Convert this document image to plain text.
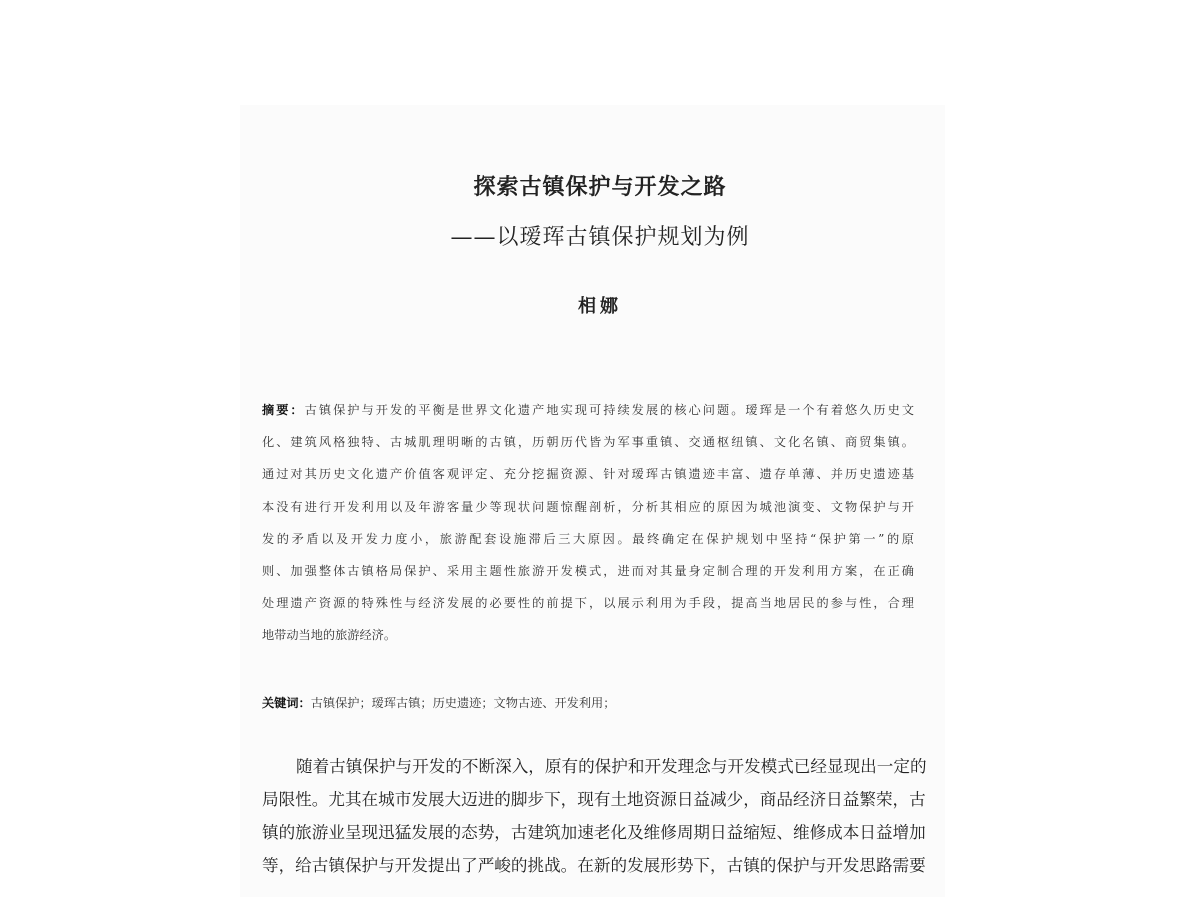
探索古镇保护与开发之路
——以瑷珲古镇保护规划为例
相娜
摘要：古镇保护与开发的平衡是世界文化遗产地实现可持续发展的核心问题。瑷珲是一个有着悠久历史文
化、建筑风格独特、古城肌理明晰的古镇，历朝历代皆为军事重镇、交通枢纽镇、文化名镇、商贸集镇。
通过对其历史文化遗产价值客观评定、充分挖掘资源、针对瑷珲古镇遗迹丰富、遗存单薄、并历史遗迹基
本没有进行开发利用以及年游客量少等现状问题惊醒剖析，分析其相应的原因为城池演变、文物保护与开
发的矛盾以及开发力度小，旅游配套设施滞后三大原因。最终确定在保护规划中坚持“保护第一”的原
则、加强整体古镇格局保护、采用主题性旅游开发模式，进而对其量身定制合理的开发利用方案，在正确
处理遗产资源的特殊性与经济发展的必要性的前提下，以展示利用为手段，提高当地居民的参与性，合理
地带动当地的旅游经济。
关键词：古镇保护；瑷珲古镇；历史遗迹；文物古迹、开发利用；
随着古镇保护与开发的不断深入，原有的保护和开发理念与开发模式已经显现出一定的
局限性。尤其在城市发展大迈进的脚步下，现有土地资源日益减少，商品经济日益繁荣，古
镇的旅游业呈现迅猛发展的态势，古建筑加速老化及维修周期日益缩短、维修成本日益增加
等，给古镇保护与开发提出了严峻的挑战。在新的发展形势下，古镇的保护与开发思路需要
